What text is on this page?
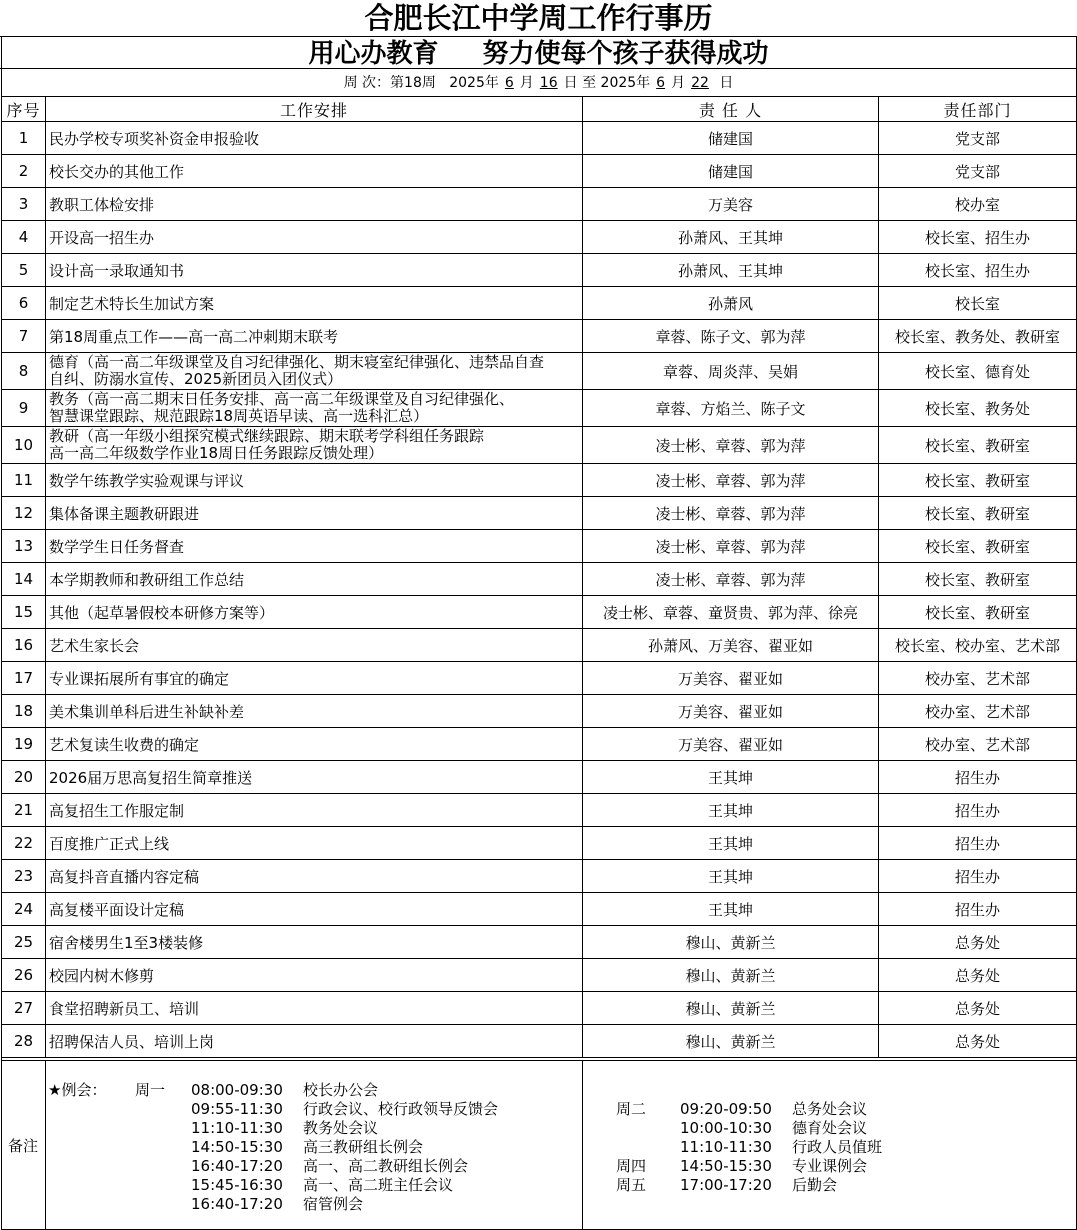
合肥长江中学周工作行事历
用心办教育 努力使每个孩子获得成功
周 次：第18周 2025年 6 月 16 日 至 2025年 6 月 22 日
序号	工作安排	责 任 人	责任部门
1	民办学校专项奖补资金申报验收	储建国	党支部
2	校长交办的其他工作	储建国	党支部
3	教职工体检安排	万美容	校办室
4	开设高一招生办	孙萧风、王其坤	校长室、招生办
5	设计高一录取通知书	孙萧风、王其坤	校长室、招生办
6	制定艺术特长生加试方案	孙萧风	校长室
7	第18周重点工作——高一高二冲刺期末联考	章蓉、陈子文、郭为萍	校长室、教务处、教研室
8	德育（高一高二年级课堂及自习纪律强化、期末寝室纪律强化、违禁品自查
自纠、防溺水宣传、2025新团员入团仪式）	章蓉、周炎萍、吴娟	校长室、德育处
9	教务（高一高二期末日任务安排、高一高二年级课堂及自习纪律强化、
智慧课堂跟踪、规范跟踪18周英语早读、高一选科汇总）	章蓉、方焰兰、陈子文	校长室、教务处
10	教研（高一年级小组探究模式继续跟踪、期末联考学科组任务跟踪
高一高二年级数学作业18周日任务跟踪反馈处理）	凌士彬、章蓉、郭为萍	校长室、教研室
11	数学午练教学实验观课与评议	凌士彬、章蓉、郭为萍	校长室、教研室
12	集体备课主题教研跟进	凌士彬、章蓉、郭为萍	校长室、教研室
13	数学学生日任务督查	凌士彬、章蓉、郭为萍	校长室、教研室
14	本学期教师和教研组工作总结	凌士彬、章蓉、郭为萍	校长室、教研室
15	其他（起草暑假校本研修方案等）	凌士彬、章蓉、童贤贵、郭为萍、徐亮	校长室、教研室
16	艺术生家长会	孙萧风、万美容、翟亚如	校长室、校办室、艺术部
17	专业课拓展所有事宜的确定	万美容、翟亚如	校办室、艺术部
18	美术集训单科后进生补缺补差	万美容、翟亚如	校办室、艺术部
19	艺术复读生收费的确定	万美容、翟亚如	校办室、艺术部
20	2026届万思高复招生简章推送	王其坤	招生办
21	高复招生工作服定制	王其坤	招生办
22	百度推广正式上线	王其坤	招生办
23	高复抖音直播内容定稿	王其坤	招生办
24	高复楼平面设计定稿	王其坤	招生办
25	宿舍楼男生1至3楼装修	穆山、黄新兰	总务处
26	校园内树木修剪	穆山、黄新兰	总务处
27	食堂招聘新员工、培训	穆山、黄新兰	总务处
28	招聘保洁人员、培训上岗	穆山、黄新兰	总务处
备注
★例会： 周一 08:00-09:30 校长办公会
09:55-11:30 行政会议、校行政领导反馈会
11:10-11:30 教务处会议
14:50-15:30 高三教研组长例会
16:40-17:20 高一、高二教研组长例会
15:45-16:30 高一、高二班主任会议
16:40-17:20 宿管例会
周二 09:20-09:50 总务处会议
10:00-10:30 德育处会议
11:10-11:30 行政人员值班
周四 14:50-15:30 专业课例会
周五 17:00-17:20 后勤会
